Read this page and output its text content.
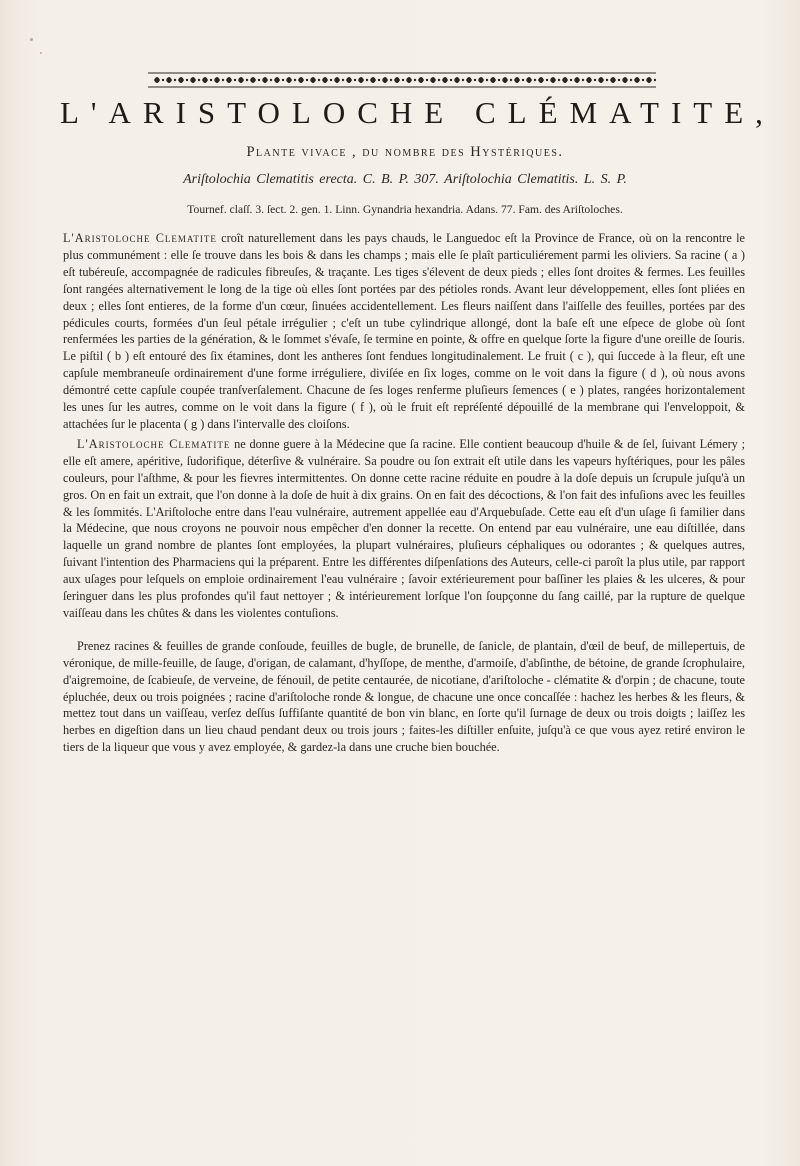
L'ARISTOLOCHE CLÉMATITE,
Plante vivace , du nombre des Hystériques.
Ariſtolochia Clematitis erecta. C. B. P. 307. Ariſtolochia Clematitis. L. S. P.
Tournef. claſſ. 3. ſect. 2. gen. 1. Linn. Gynandria hexandria. Adans. 77. Fam. des Ariſtoloches.

L'Aristoloche Clematite croît naturellement dans les pays chauds, le Languedoc eſt la Province de France, où on la rencontre le plus communément : elle ſe trouve dans les bois & dans les champs ; mais elle ſe plaît particuliérement parmi les oliviers. Sa racine ( a ) eſt tubéreuſe, accompagnée de radicules fibreuſes, & traçante. Les tiges s'élevent de deux pieds ; elles ſont droites & fermes. Les feuilles ſont rangées alternativement le long de la tige où elles ſont portées par des pétioles ronds. Avant leur développement, elles ſont pliées en deux ; elles ſont entieres, de la forme d'un cœur, ſinuées accidentellement. Les fleurs naiſſent dans l'aiſſelle des feuilles, portées par des pédicules courts, formées d'un ſeul pétale irrégulier ; c'eſt un tube cylindrique allongé, dont la baſe eſt une eſpece de globe où ſont renfermées les parties de la génération, & le ſommet s'évaſe, ſe termine en pointe, & offre en quelque ſorte la figure d'une oreille de ſouris. Le piſtil ( b ) eſt entouré des ſix étamines, dont les antheres ſont fendues longitudinalement. Le fruit ( c ), qui ſuccede à la fleur, eſt une capſule membraneuſe ordinairement d'une forme irréguliere, diviſée en ſix loges, comme on le voit dans la figure ( d ), où nous avons démontré cette capſule coupée tranſverſalement. Chacune de ſes loges renferme pluſieurs ſemences ( e ) plates, rangées horizontalement les unes ſur les autres, comme on le voit dans la figure ( f ), où le fruit eſt repréſenté dépouillé de la membrane qui l'enveloppoit, & attachées ſur le placenta ( g ) dans l'intervalle des cloiſons.

L'Aristoloche Clematite ne donne guere à la Médecine que ſa racine. Elle contient beaucoup d'huile & de ſel, ſuivant Lémery ; elle eſt amere, apéritive, ſudorifique, déterſive & vulnéraire. Sa poudre ou ſon extrait eſt utile dans les vapeurs hyſtériques, pour les pâles couleurs, pour l'aſthme, & pour les fievres intermittentes. On donne cette racine réduite en poudre à la doſe depuis un ſcrupule juſqu'à un gros. On en fait un extrait, que l'on donne à la doſe de huit à dix grains. On en fait des décoctions, & l'on fait des infuſions avec les feuilles & les ſommités. L'Ariſtoloche entre dans l'eau vulnéraire, autrement appellée eau d'Arquebuſade. Cette eau eſt d'un uſage ſi familier dans la Médecine, que nous croyons ne pouvoir nous empêcher d'en donner la recette. On entend par eau vulnéraire, une eau diſtillée, dans laquelle un grand nombre de plantes ſont employées, la plupart vulnéraires, pluſieurs céphaliques ou odorantes ; & quelques autres, ſuivant l'intention des Pharmaciens qui la préparent. Entre les différentes diſpenſations des Auteurs, celle-ci paroît la plus utile, par rapport aux uſages pour leſquels on emploie ordinairement l'eau vulnéraire ; ſavoir extérieurement pour baſſiner les plaies & les ulceres, & pour ſeringuer dans les plus profondes qu'il faut nettoyer ; & intérieurement lorſque l'on ſoupçonne du ſang caillé, par la rupture de quelque vaiſſeau dans les chûtes & dans les violentes contuſions.

Prenez racines & feuilles de grande conſoude, feuilles de bugle, de brunelle, de ſanicle, de plantain, d'œil de beuf, de millepertuis, de véronique, de mille-feuille, de ſauge, d'origan, de calamant, d'hyſſope, de menthe, d'armoiſe, d'abſinthe, de bétoine, de grande ſcrophulaire, d'aigremoine, de ſcabieuſe, de verveine, de fénouil, de petite centaurée, de nicotiane, d'ariſtoloche - clématite & d'orpin ; de chacune, toute épluchée, deux ou trois poignées ; racine d'ariſtoloche ronde & longue, de chacune une once concaſſée : hachez les herbes & les fleurs, & mettez tout dans un vaiſſeau, verſez deſſus ſuffiſante quantité de bon vin blanc, en ſorte qu'il ſurnage de deux ou trois doigts ; laiſſez les herbes en digeſtion dans un lieu chaud pendant deux ou trois jours ; faites-les diſtiller enſuite, juſqu'à ce que vous ayez retiré environ le tiers de la liqueur que vous y avez employée, & gardez-la dans une cruche bien bouchée.
